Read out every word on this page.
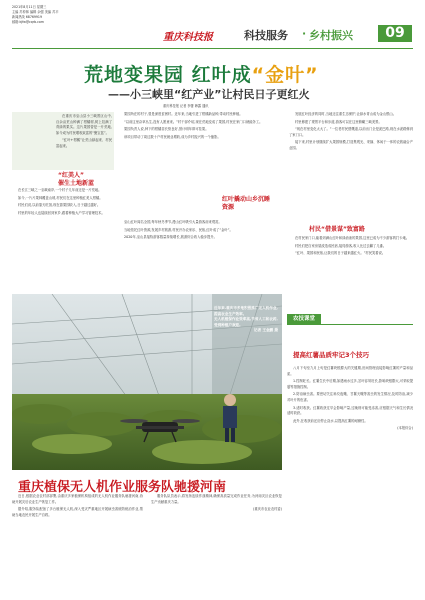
2021年8月11日 星期三
主编 苏仲林 编辑 余强 美编 苏平
新闻热线 68769919
邮箱:kjfw@cqrb.com
重庆科技报	科技服务 · 乡村振兴	09
荒地变果园 红叶成“金叶”
——小三峡里“红产业”让村民日子更红火
重庆科技报 记者 李蕾 韩露 通讯

在重庆市巫山县小三峡景区山中,百余亩荒山种满了柑橘树,树上挂满了青绿的果实。这片果园曾是一片荒地,如今成为村民增收致富的“聚宝盆”。

“红叶+柑橘”让荒山绿起来、村民富起来。

“红美人”
催生土地新蓝

在长江三峡之一巫峡南岸,一个村子几年前还是一片荒地。

如今,一片片果林覆盖山坡,村民们在这里种植红美人柑橘。

村民们说,以前靠天吃饭,现在靠果园收入,日子越过越好。

村里的年轻人也陆续回到家乡,跟着种植大户学习管理技术。

果园所在的村子,曾是深度贫困村。近年来,当地引进了柑橘新品种,带动村民种植。

“以前这里杂草丛生,没有人愿意来。”村干部介绍,现在荒地变成了果园,村民在家门口就能务工。

果园负责人说,种下的柑橘苗长势良好,预计明年即可挂果。

该项目带动了周边数十户村民就业增收,成为乡村振兴的一个缩影。

红叶撬动山乡沉睡资源

巫山红叶闻名全国,每年秋冬季节,漫山红叶吸引大量游客前来观赏。

当地依托红叶资源,发展乡村旅游,村民开办农家乐、民宿,红叶成了“金叶”。

2020年,巫山县接待游客数量持续增长,旅游综合收入稳步提升。

发展红叶经济的同时,当地还注重生态保护,让绿水青山成为金山银山。

村里修建了观景平台和步道,游客可以在这里俯瞰三峡美景。

“现在村里变化太大了。”一位老村民感慨道,以前出门全是泥巴路,现在水泥路修到了家门口。

接下来,村里计划继续扩大果园规模,打造集观光、采摘、休闲于一体的农旅融合产业园。

村民“借景谋”致富路

在村民家门口,能看到满山红叶和绿油油的果园,这里已成为不少游客的打卡地。

村民们把自家房屋改造成民宿,接待游客,收入比过去翻了几番。

“红叶、果园和民宿,让我们的日子越来越红火。”村民笑着说。

近年来,重庆市多地积极推广无人机作业,提高农业生产效率。
无人机植保作业效率高,节省人工和农药,受到种植户欢迎。
记者 王金鹏 摄
重庆植保无人机作业服务队驰援河南

近日,根据农业农村部部署,由重庆多家植保机构组成的无人机作业服务队驰援河南,协助开展灾后农业生产恢复工作。

据介绍,服务队配备了多台植保无人机,深入受灾严重地区开展病虫害统防统治作业,帮助当地农民开展生产自救。

服务队队员表示,将发扬连续作战精神,确保高质量完成作业任务,为河南灾区农业恢复生产贡献重庆力量。

(重庆市农业农村委)

农技课堂
提高红薯品质牢记3个技巧

八月下旬至九月上旬是红薯块根膨大的关键期,田间管理直接影响红薯的产量和品质。

1.控制旺长。红薯生长中后期,如遇雨水过多,茎叶容易旺长,影响块根膨大,可采取提蔓等措施控制。

2.防治病虫害。要密切关注斜纹夜蛾、甘薯天蛾等害虫的发生情况,及时防治,减少对叶片的危害。

3.适时收获。红薯收获过早会影响产量,过晚则可能受冻害,应根据天气和生长情况适时收获。

此外,在收获前还应停止浇水,以提高红薯的耐储性。

(本报综合)
